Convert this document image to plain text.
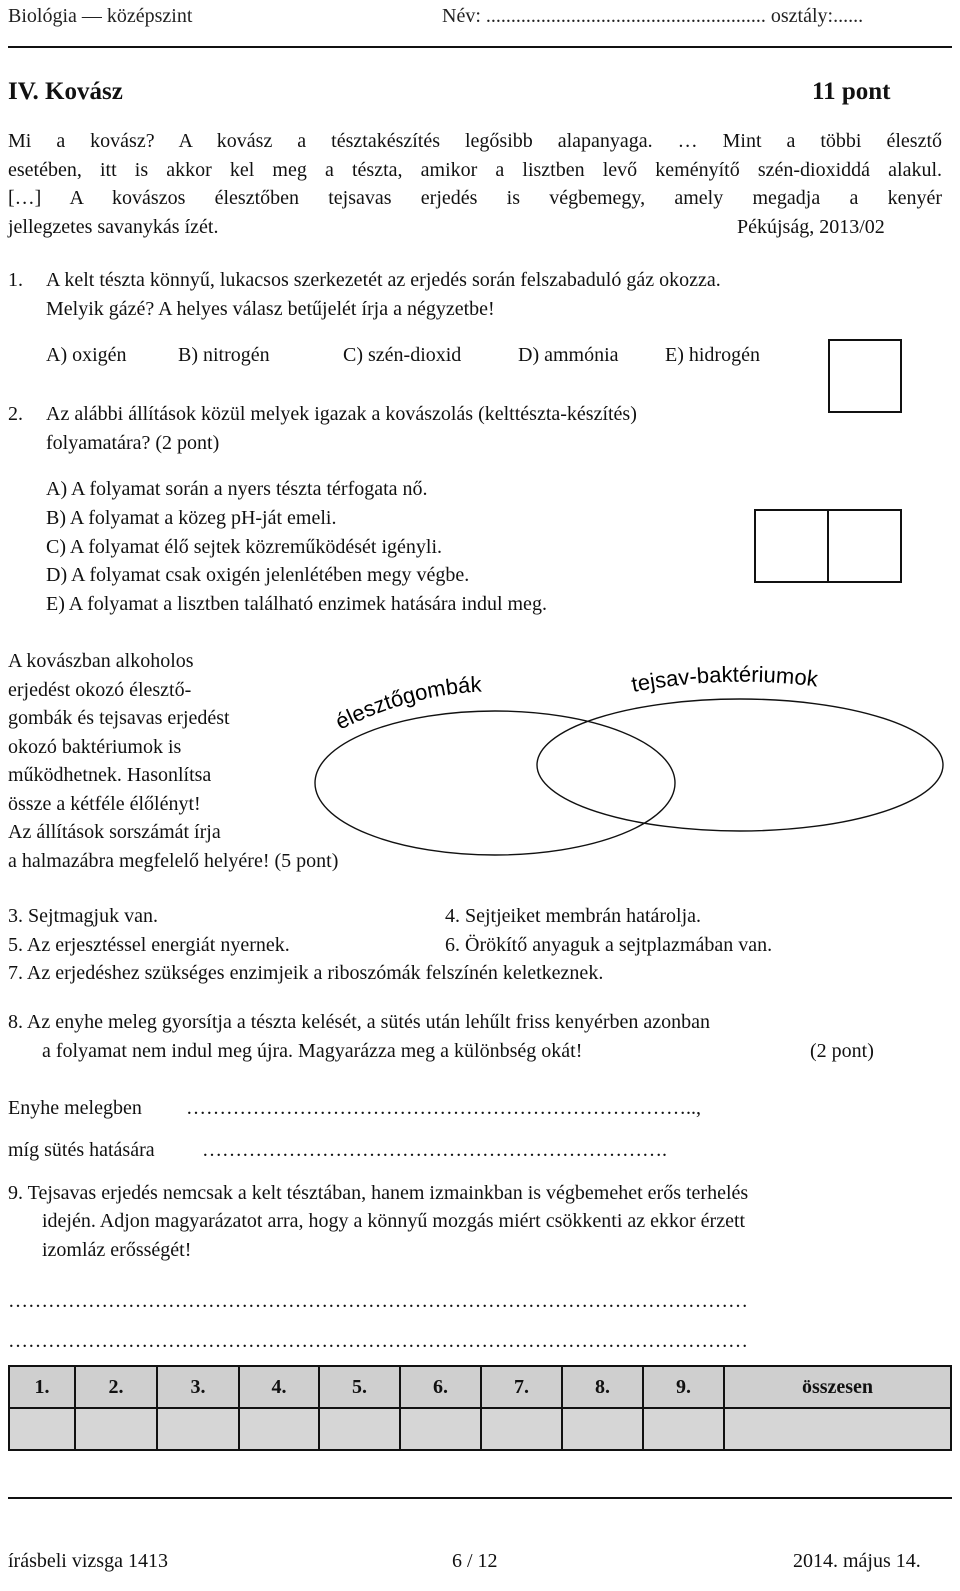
Biológia — középszint	Név: ........................................................ osztály:......
IV. Kovász	11 pont
Mi a kovász? A kovász a tésztakészítés legősibb alapanyaga. … Mint a többi élesztő
esetében, itt is akkor kel meg a tészta, amikor a lisztben levő keményítő szén-dioxiddá alakul.
[…] A kovászos élesztőben tejsavas erjedés is végbemegy, amely megadja a kenyér
jellegzetes savanykás ízét.	Pékújság, 2013/02
1. A kelt tészta könnyű, lukacsos szerkezetét az erjedés során felszabaduló gáz okozza.
Melyik gázé? A helyes válasz betűjelét írja a négyzetbe!
A) oxigén	B) nitrogén	C) szén-dioxid	D) ammónia E) hidrogén
2. Az alábbi állítások közül melyek igazak a kovászolás (kelttészta-készítés)
folyamatára? (2 pont)
A) A folyamat során a nyers tészta térfogata nő.
B) A folyamat a közeg pH-ját emeli.
C) A folyamat élő sejtek közreműködését igényli.
D) A folyamat csak oxigén jelenlétében megy végbe.
E) A folyamat a lisztben található enzimek hatására indul meg.
A kovászban alkoholos
erjedést okozó élesztő-
gombák és tejsavas erjedést
okozó baktériumok is
működhetnek. Hasonlítsa
össze a kétféle élőlényt!
Az állítások sorszámát írja
a halmazábra megfelelő helyére! (5 pont)
élesztőgombák	tejsav-baktériumok
3. Sejtmagjuk van.	4. Sejtjeiket membrán határolja.
5. Az erjesztéssel energiát nyernek.	6. Örökítő anyaguk a sejtplazmában van.
7. Az erjedéshez szükséges enzimjeik a riboszómák felszínén keletkeznek.
8. Az enyhe meleg gyorsítja a tészta kelését, a sütés után lehűlt friss kenyérben azonban
a folyamat nem indul meg újra. Magyarázza meg a különbség okát!	(2 pont)
Enyhe melegben …………………………………………………………………..,
míg sütés hatására …………………………………………………………….
9. Tejsavas erjedés nemcsak a kelt tésztában, hanem izmainkban is végbemehet erős terhelés
idején. Adjon magyarázatot arra, hogy a könnyű mozgás miért csökkenti az ekkor érzett
izomláz erősségét!
…………………………………………………………………………………………………
…………………………………………………………………………………………………
1.	2.	3.	4.	5.	6.	7.	8.	9.	összesen

írásbeli vizsga 1413	6 / 12	2014. május 14.
